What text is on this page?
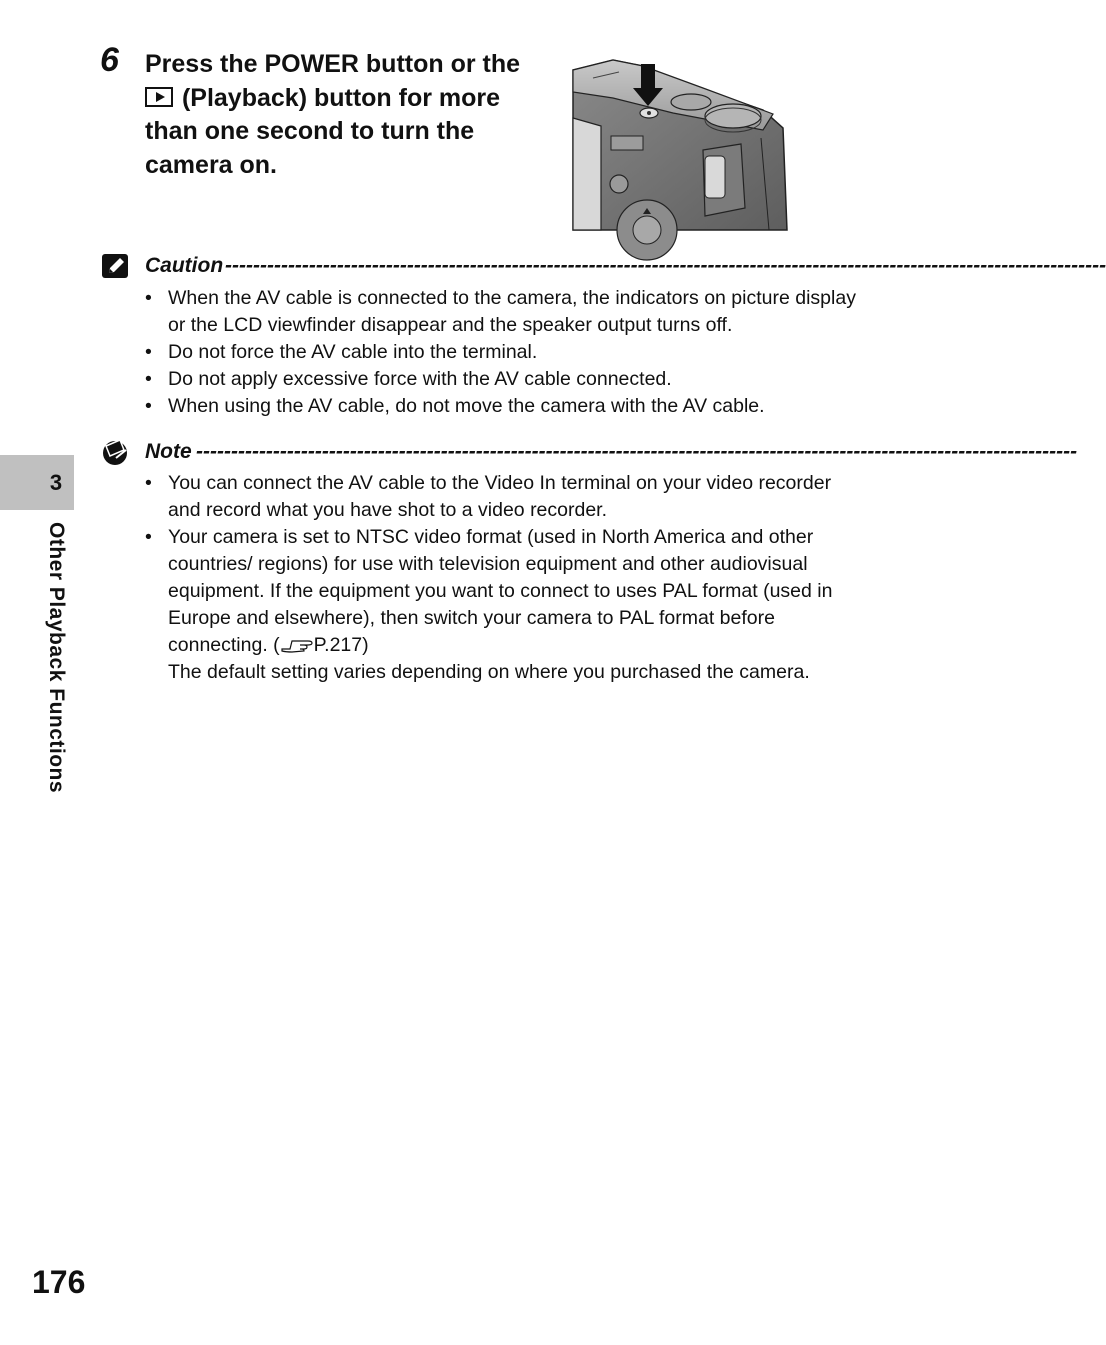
6 Press the POWER button or the
(Playback) button for more
than one second to turn the
camera on.
Caution ------------------------------------------------------------------------------------------------------------------------------
• When the AV cable is connected to the camera, the indicators on picture display or the LCD viewfinder disappear and the speaker output turns off.
• Do not force the AV cable into the terminal.
• Do not apply excessive force with the AV cable connected.
• When using the AV cable, do not move the camera with the AV cable.
Note ------------------------------------------------------------------------------------------------------------------------------
• You can connect the AV cable to the Video In terminal on your video recorder and record what you have shot to a video recorder.
• Your camera is set to NTSC video format (used in North America and other countries/ regions) for use with television equipment and other audiovisual equipment. If the equipment you want to connect to uses PAL format (used in Europe and elsewhere), then switch your camera to PAL format before connecting. ( P.217)
The default setting varies depending on where you purchased the camera.
3
Other Playback Functions
176
